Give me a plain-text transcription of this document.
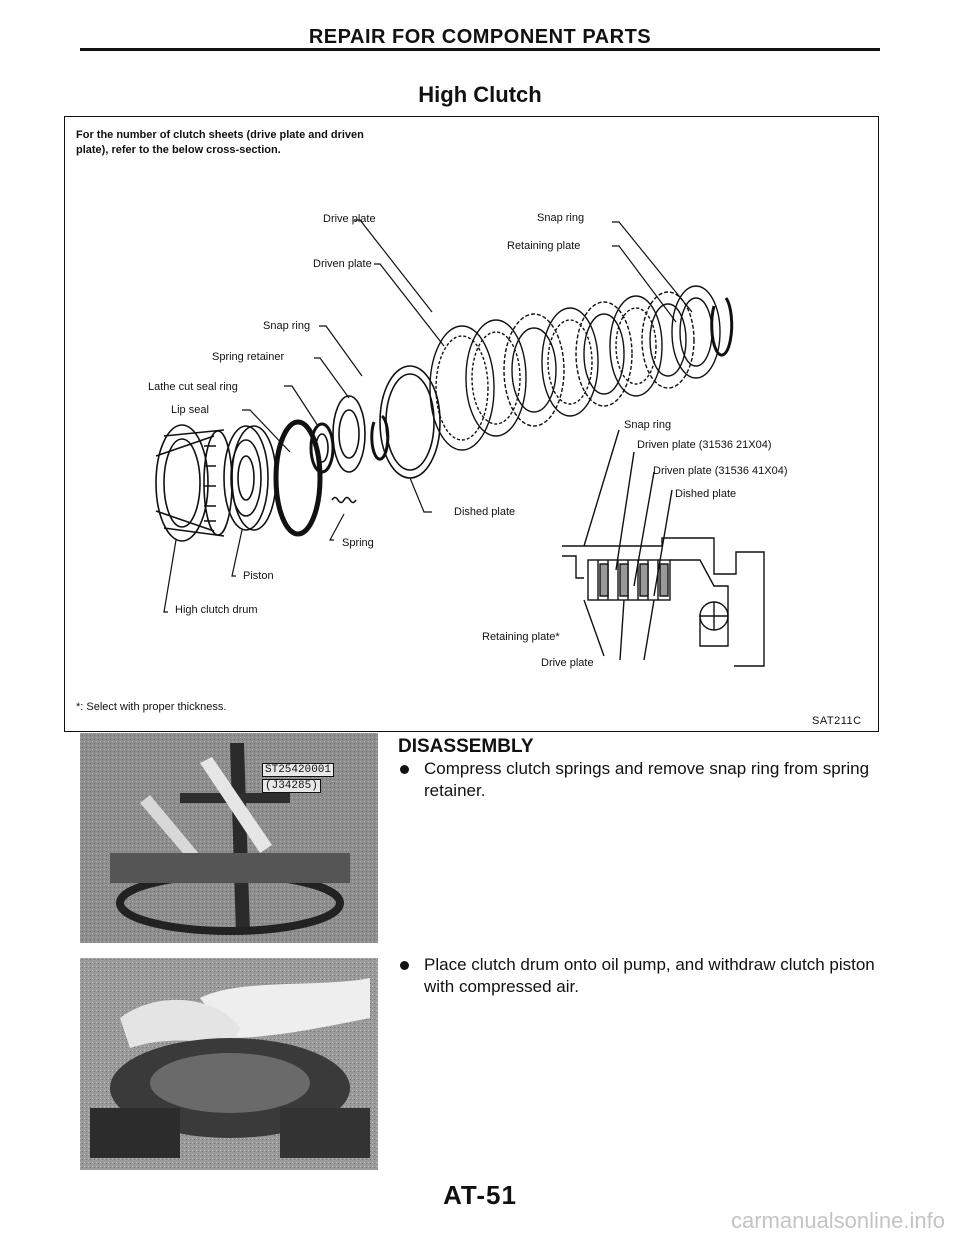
REPAIR FOR COMPONENT PARTS
High Clutch
For the number of clutch sheets (drive plate and driven plate), refer to the below cross-section.
Drive plate
Driven plate
Snap ring
Retaining plate
Snap ring
Spring retainer
Lathe cut seal ring
Lip seal
Dished plate
Spring
Piston
High clutch drum
Snap ring
Driven plate (31536 21X04)
Driven plate (31536 41X04)
Dished plate
Retaining plate*
Drive plate
*: Select with proper thickness.
SAT211C
ST25420001
(J34285)
DISASSEMBLY
Compress clutch springs and remove snap ring from spring retainer.
Place clutch drum onto oil pump, and withdraw clutch piston with compressed air.
AT-51
carmanualsonline.info
